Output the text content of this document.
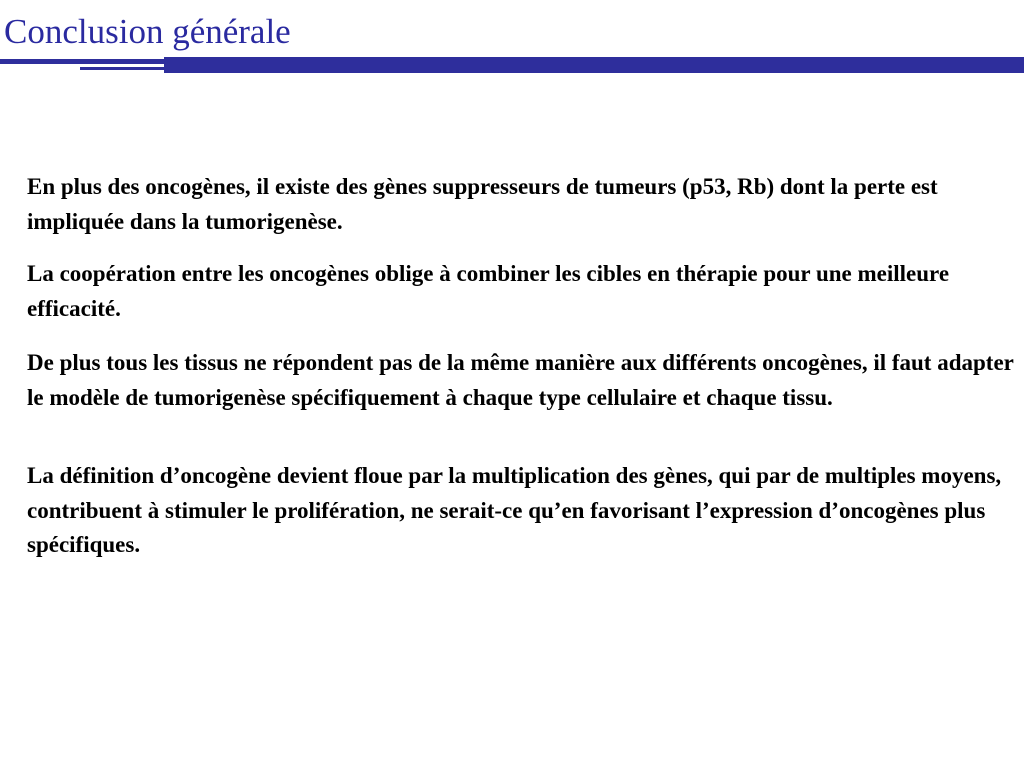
Conclusion générale

En plus des oncogènes, il existe des gènes suppresseurs de tumeurs (p53, Rb) dont la perte est impliquée dans la tumorigenèse.

La coopération entre les oncogènes oblige à combiner les cibles en thérapie pour une meilleure efficacité.

De plus tous les tissus ne répondent pas de la même manière aux différents oncogènes, il faut adapter le modèle de tumorigenèse spécifiquement à chaque type cellulaire et chaque tissu.

La définition d’oncogène devient floue par la multiplication des gènes, qui par de multiples moyens, contribuent à stimuler le prolifération, ne serait-ce qu’en favorisant l’expression d’oncogènes plus spécifiques.
